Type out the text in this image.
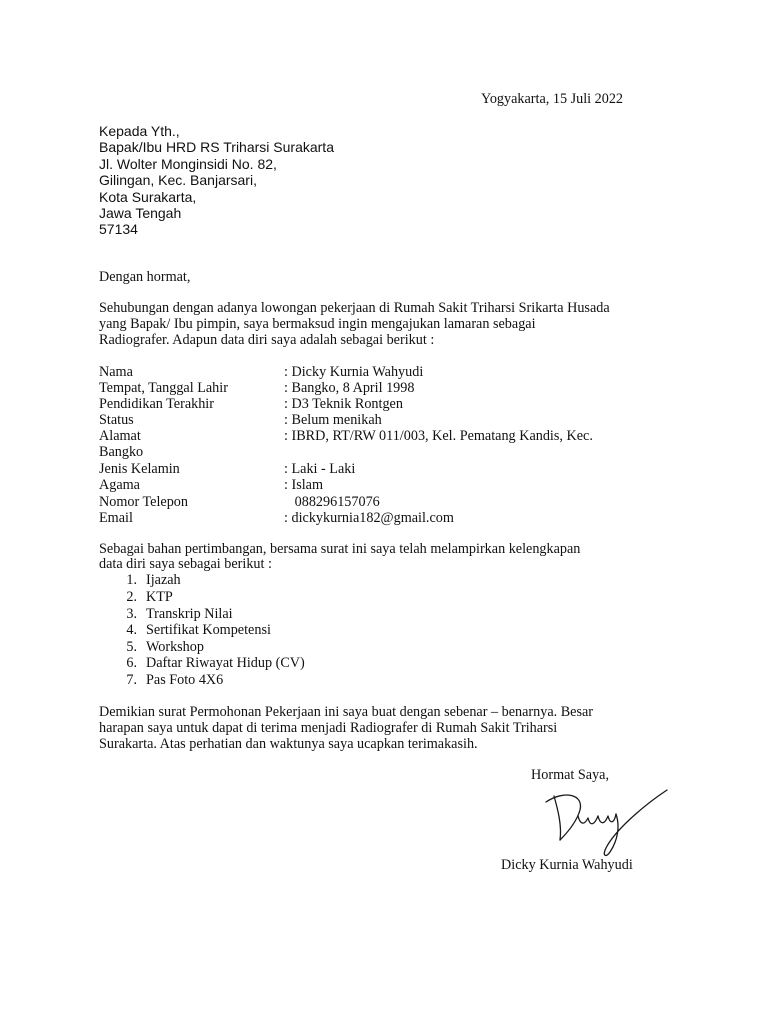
Yogyakarta, 15 Juli 2022
Kepada Yth.,
Bapak/Ibu HRD RS Triharsi Surakarta
Jl. Wolter Monginsidi No. 82,
Gilingan, Kec. Banjarsari,
Kota Surakarta,
Jawa Tengah
57134
Dengan hormat,
Sehubungan dengan adanya lowongan pekerjaan di Rumah Sakit Triharsi Srikarta Husada
yang Bapak/ Ibu pimpin, saya bermaksud ingin mengajukan lamaran sebagai
Radiografer. Adapun data diri saya adalah sebagai berikut :
Nama	: Dicky Kurnia Wahyudi
Tempat, Tanggal Lahir	: Bangko, 8 April 1998
Pendidikan Terakhir	: D3 Teknik Rontgen
Status	: Belum menikah
Alamat	: IBRD, RT/RW 011/003, Kel. Pematang Kandis, Kec.
Bangko
Jenis Kelamin	: Laki - Laki
Agama	: Islam
Nomor Telepon	088296157076
Email	: dickykurnia182@gmail.com
Sebagai bahan pertimbangan, bersama surat ini saya telah melampirkan kelengkapan
data diri saya sebagai berikut :
1. Ijazah
2. KTP
3. Transkrip Nilai
4. Sertifikat Kompetensi
5. Workshop
6. Daftar Riwayat Hidup (CV)
7. Pas Foto 4X6
Demikian surat Permohonan Pekerjaan ini saya buat dengan sebenar – benarnya. Besar
harapan saya untuk dapat di terima menjadi Radiografer di Rumah Sakit Triharsi
Surakarta. Atas perhatian dan waktunya saya ucapkan terimakasih.
Hormat Saya,
Dicky Kurnia Wahyudi
